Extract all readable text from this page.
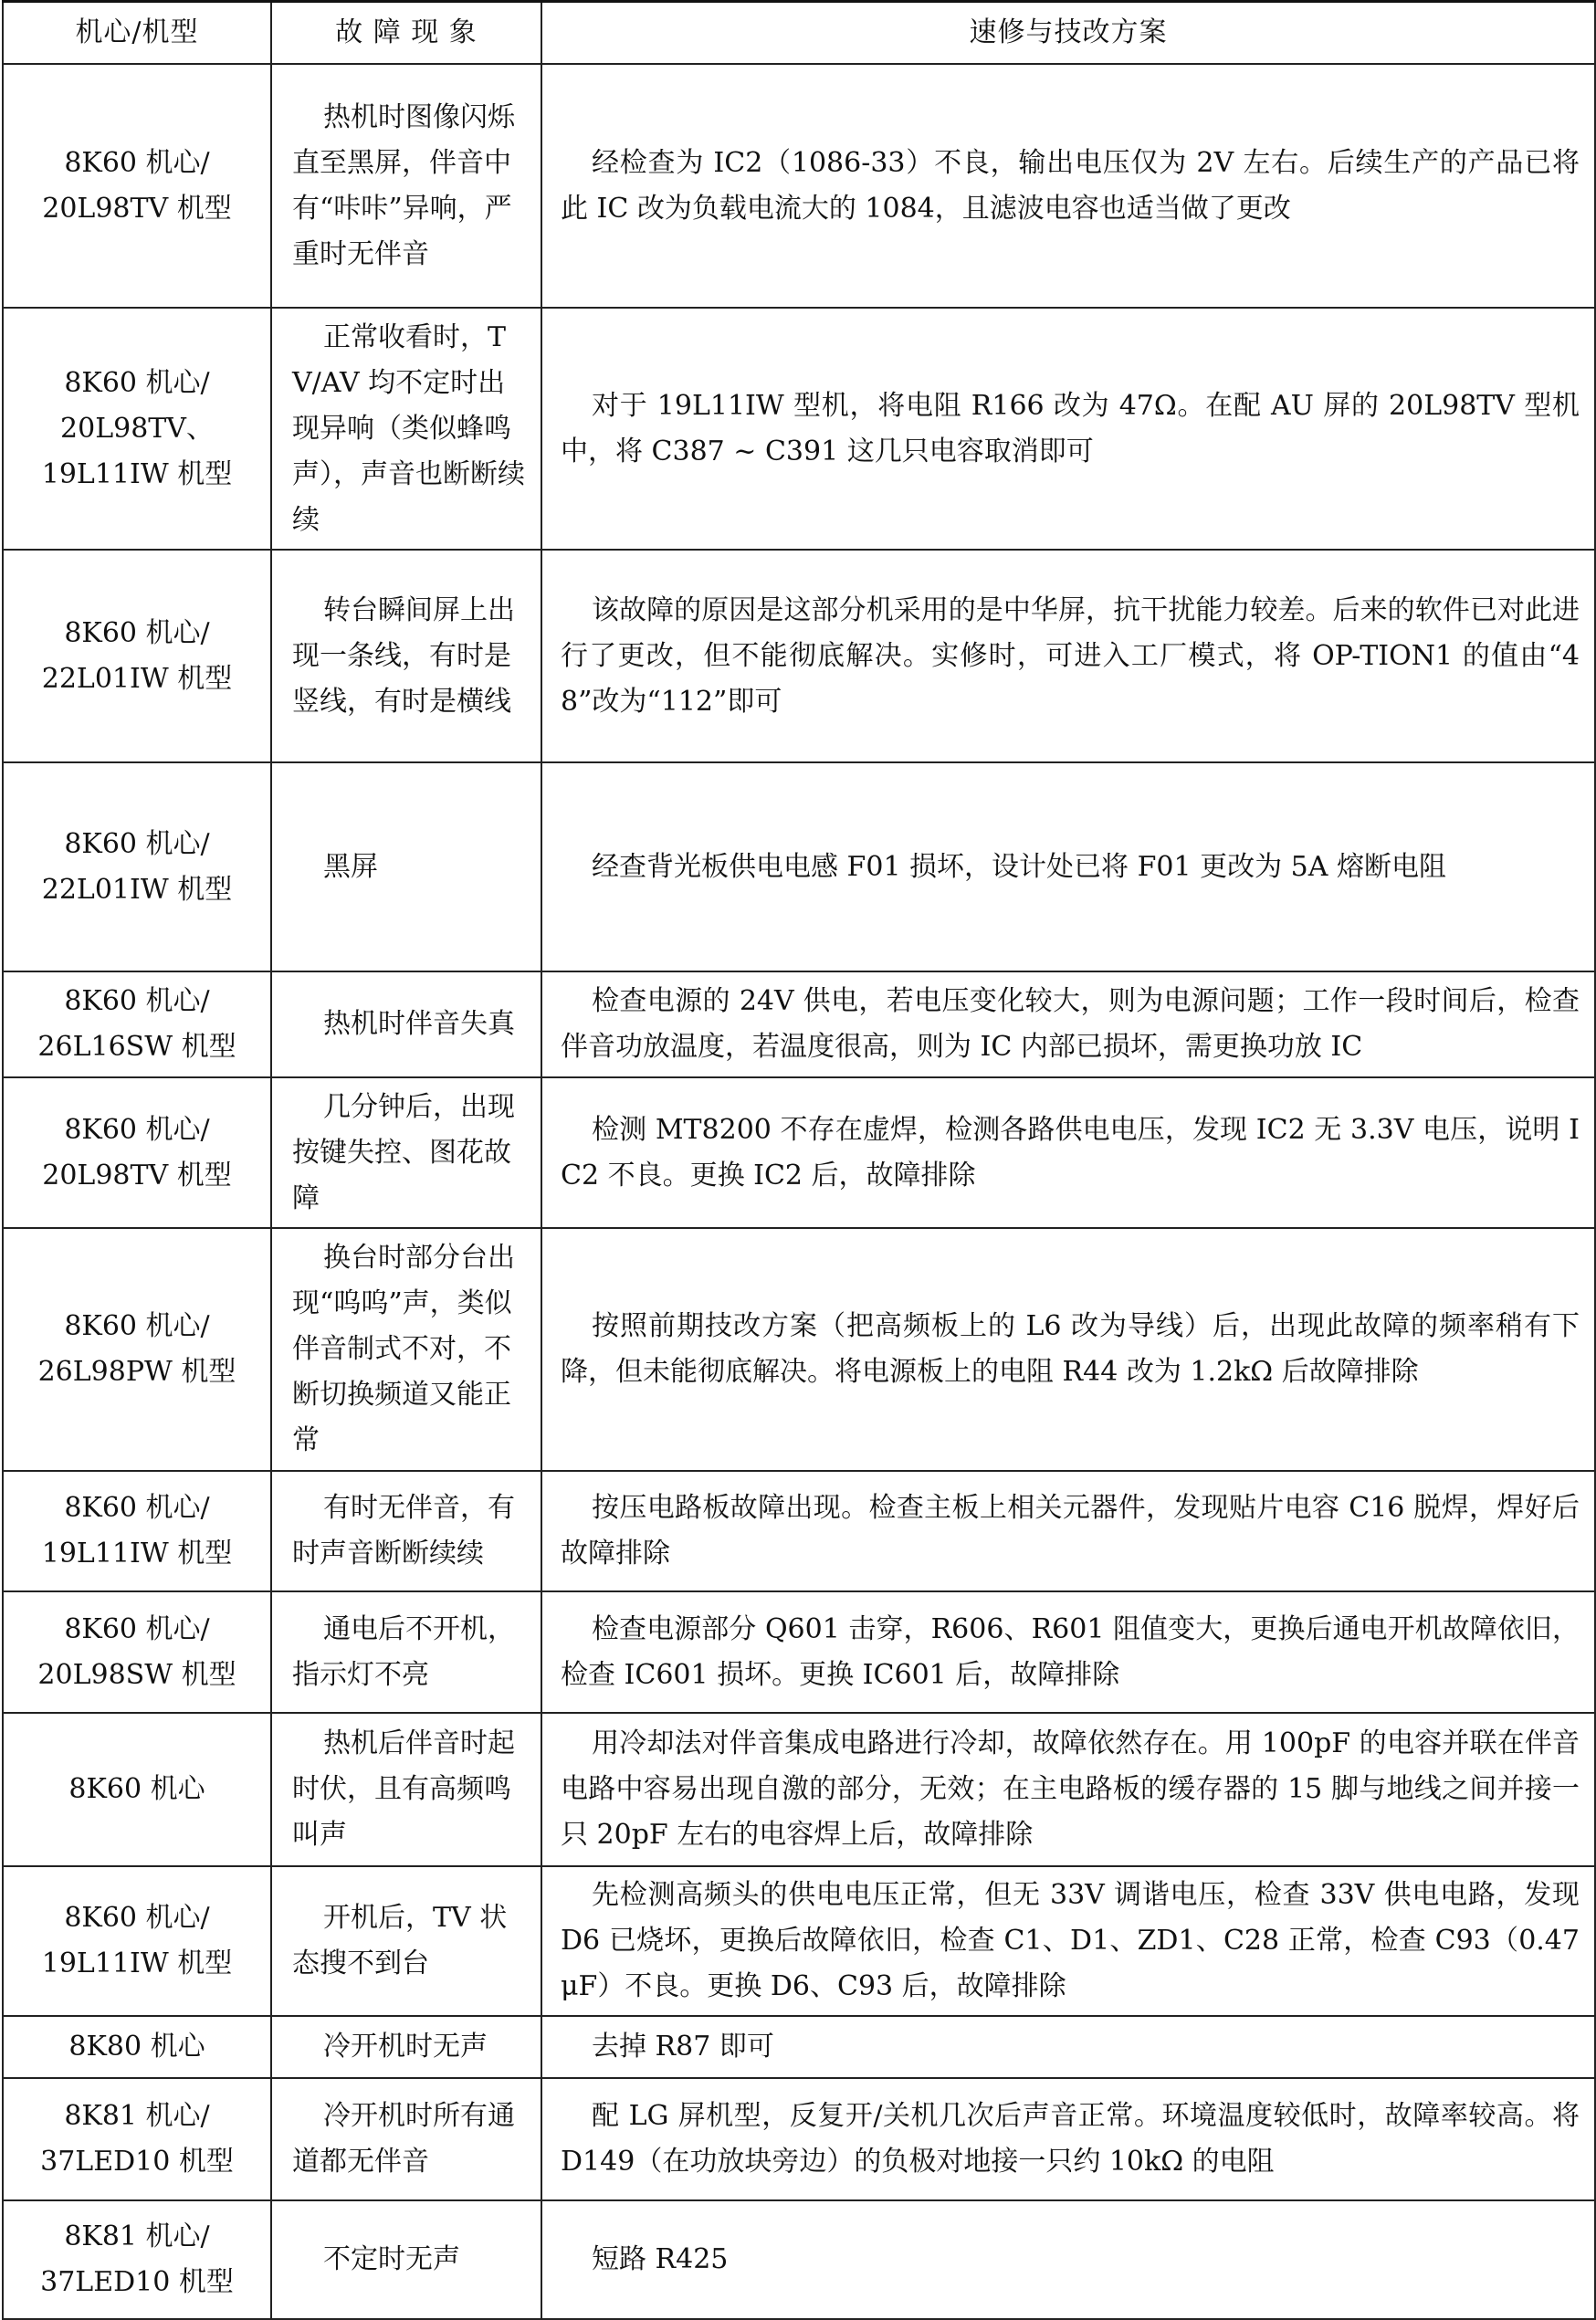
机心/机型	故 障 现 象	速修与技改方案
8K60 机心/
20L98TV 机型	热机时图像闪烁直至黑屏，伴音中有“咔咔”异响，严重时无伴音	经检查为 IC2（1086-33）不良，输出电压仅为 2V 左右。后续生产的产品已将此 IC 改为负载电流大的 1084，且滤波电容也适当做了更改
8K60 机心/
20L98TV、
19L11IW 机型	正常收看时，TV/AV 均不定时出现异响（类似蜂鸣声），声音也断断续续	对于 19L11IW 型机，将电阻 R166 改为 47Ω。在配 AU 屏的 20L98TV 型机中，将 C387 ~ C391 这几只电容取消即可
8K60 机心/
22L01IW 机型	转台瞬间屏上出现一条线，有时是竖线，有时是横线	该故障的原因是这部分机采用的是中华屏，抗干扰能力较差。后来的软件已对此进行了更改，但不能彻底解决。实修时，可进入工厂模式，将 OP-TION1 的值由“48”改为“112”即可
8K60 机心/
22L01IW 机型	黑屏	经查背光板供电电感 F01 损坏，设计处已将 F01 更改为 5A 熔断电阻
8K60 机心/
26L16SW 机型	热机时伴音失真	检查电源的 24V 供电，若电压变化较大，则为电源问题；工作一段时间后，检查伴音功放温度，若温度很高，则为 IC 内部已损坏，需更换功放 IC
8K60 机心/
20L98TV 机型	几分钟后，出现按键失控、图花故障	检测 MT8200 不存在虚焊，检测各路供电电压，发现 IC2 无 3.3V 电压，说明 IC2 不良。更换 IC2 后，故障排除
8K60 机心/
26L98PW 机型	换台时部分台出现“呜呜”声，类似伴音制式不对，不断切换频道又能正常	按照前期技改方案（把高频板上的 L6 改为导线）后，出现此故障的频率稍有下降，但未能彻底解决。将电源板上的电阻 R44 改为 1.2kΩ 后故障排除
8K60 机心/
19L11IW 机型	有时无伴音，有时声音断断续续	按压电路板故障出现。检查主板上相关元器件，发现贴片电容 C16 脱焊，焊好后故障排除
8K60 机心/
20L98SW 机型	通电后不开机，指示灯不亮	检查电源部分 Q601 击穿，R606、R601 阻值变大，更换后通电开机故障依旧，检查 IC601 损坏。更换 IC601 后，故障排除
8K60 机心	热机后伴音时起时伏，且有高频鸣叫声	用冷却法对伴音集成电路进行冷却，故障依然存在。用 100pF 的电容并联在伴音电路中容易出现自激的部分，无效；在主电路板的缓存器的 15 脚与地线之间并接一只 20pF 左右的电容焊上后，故障排除
8K60 机心/
19L11IW 机型	开机后，TV 状态搜不到台	先检测高频头的供电电压正常，但无 33V 调谐电压，检查 33V 供电电路，发现 D6 已烧坏，更换后故障依旧，检查 C1、D1、ZD1、C28 正常，检查 C93（0.47μF）不良。更换 D6、C93 后，故障排除
8K80 机心	冷开机时无声	去掉 R87 即可
8K81 机心/
37LED10 机型	冷开机时所有通道都无伴音	配 LG 屏机型，反复开/关机几次后声音正常。环境温度较低时，故障率较高。将 D149（在功放块旁边）的负极对地接一只约 10kΩ 的电阻
8K81 机心/
37LED10 机型	不定时无声	短路 R425
